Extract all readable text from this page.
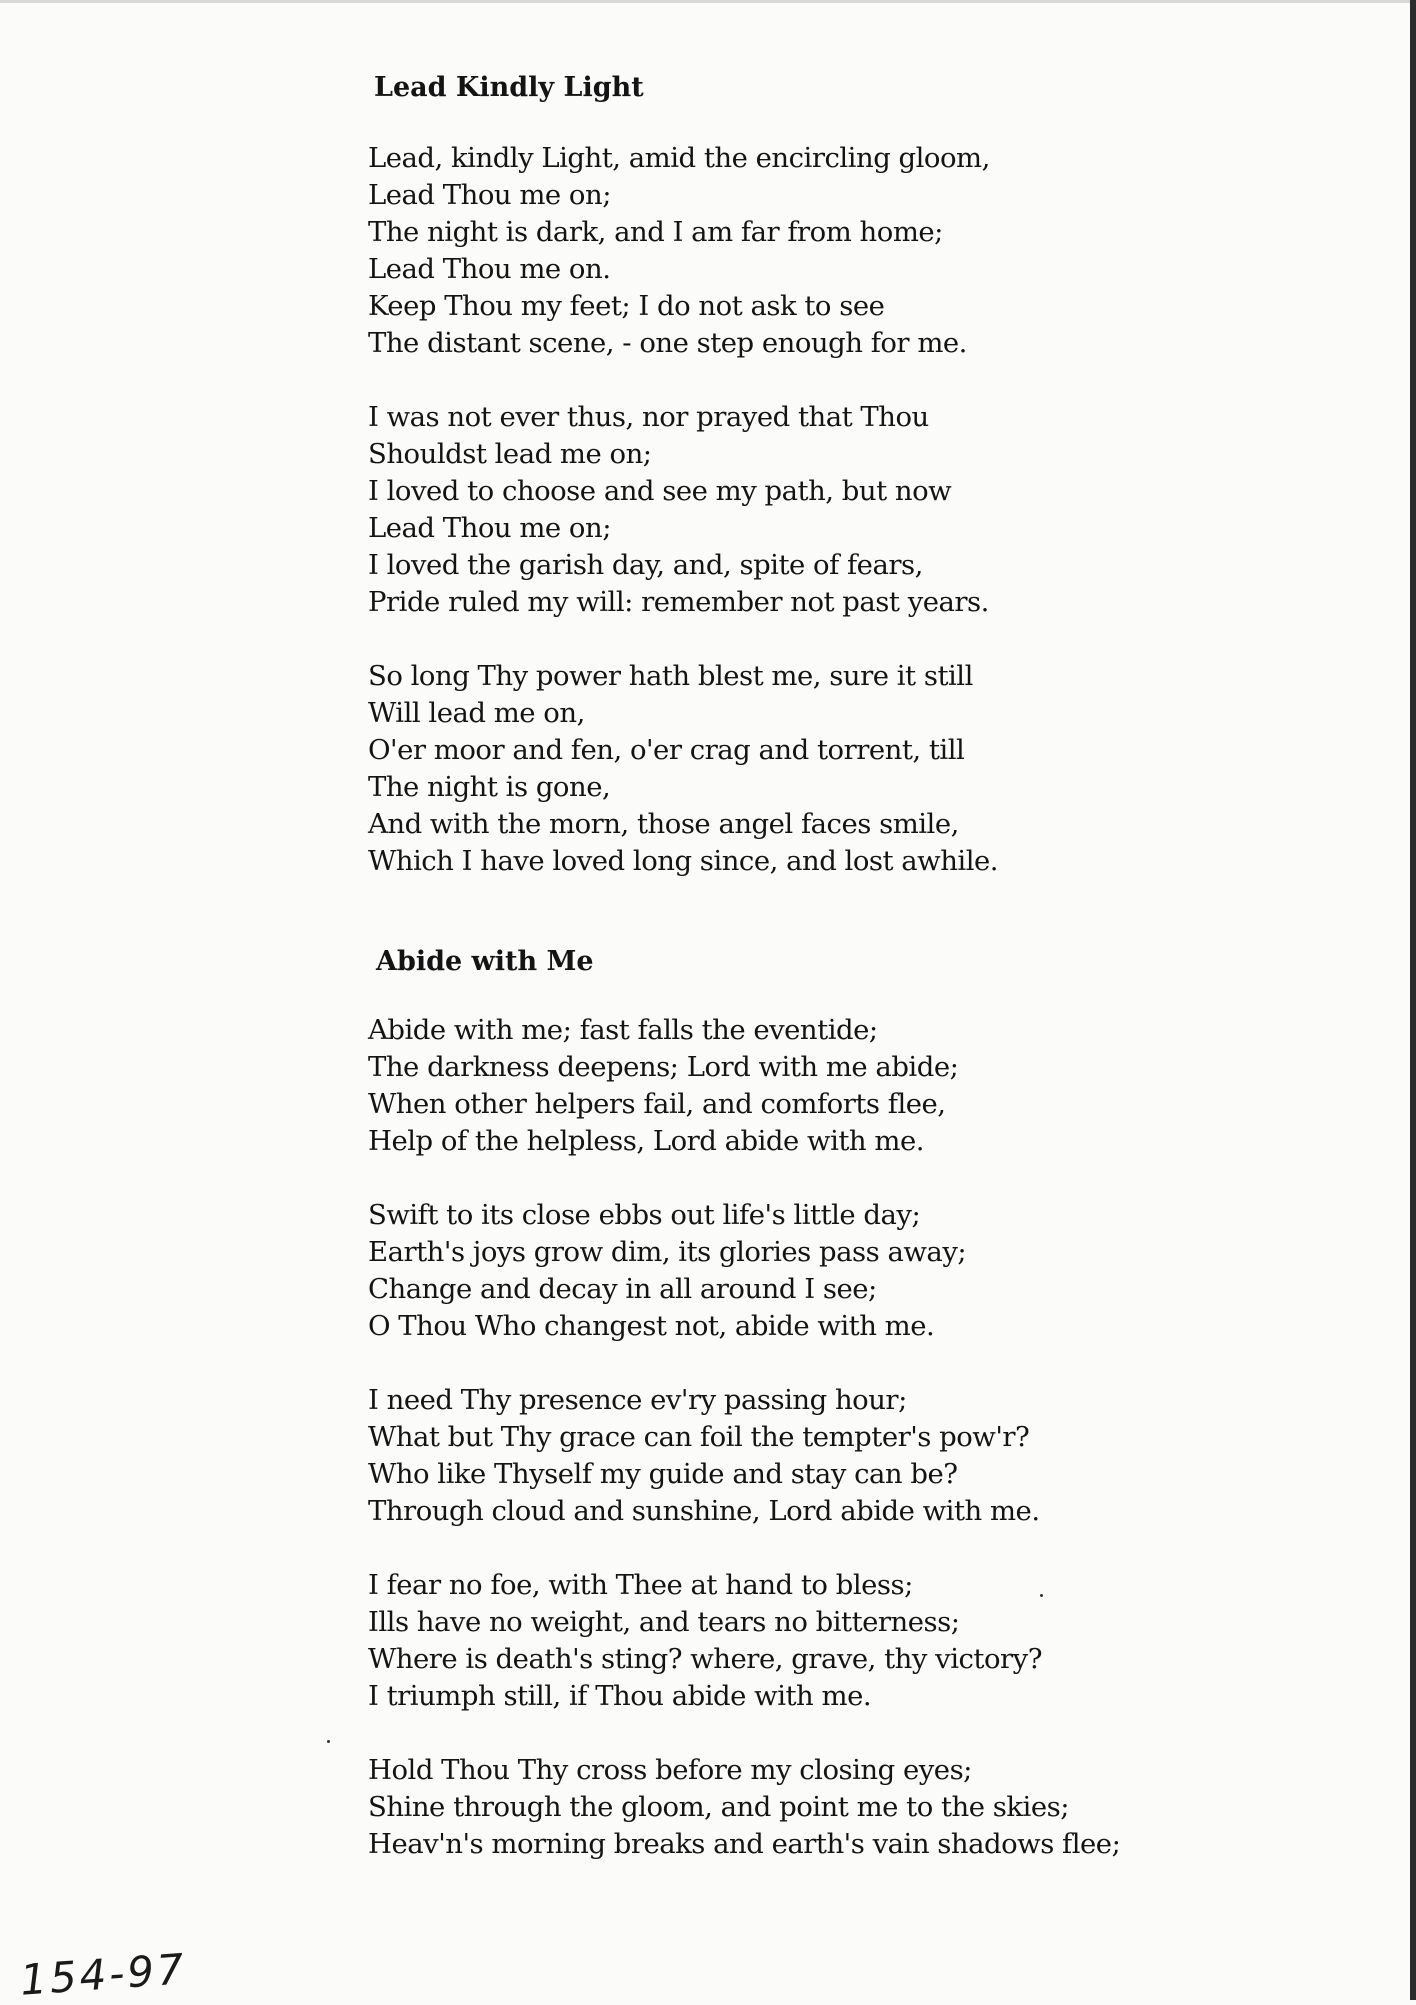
Lead Kindly Light
Lead, kindly Light, amid the encircling gloom,
Lead Thou me on;
The night is dark, and I am far from home;
Lead Thou me on.
Keep Thou my feet; I do not ask to see
The distant scene, - one step enough for me.
I was not ever thus, nor prayed that Thou
Shouldst lead me on;
I loved to choose and see my path, but now
Lead Thou me on;
I loved the garish day, and, spite of fears,
Pride ruled my will: remember not past years.
So long Thy power hath blest me, sure it still
Will lead me on,
O'er moor and fen, o'er crag and torrent, till
The night is gone,
And with the morn, those angel faces smile,
Which I have loved long since, and lost awhile.
Abide with Me
Abide with me; fast falls the eventide;
The darkness deepens; Lord with me abide;
When other helpers fail, and comforts flee,
Help of the helpless, Lord abide with me.
Swift to its close ebbs out life's little day;
Earth's joys grow dim, its glories pass away;
Change and decay in all around I see;
O Thou Who changest not, abide with me.
I need Thy presence ev'ry passing hour;
What but Thy grace can foil the tempter's pow'r?
Who like Thyself my guide and stay can be?
Through cloud and sunshine, Lord abide with me.
I fear no foe, with Thee at hand to bless;
Ills have no weight, and tears no bitterness;
Where is death's sting? where, grave, thy victory?
I triumph still, if Thou abide with me.
Hold Thou Thy cross before my closing eyes;
Shine through the gloom, and point me to the skies;
Heav'n's morning breaks and earth's vain shadows flee;
154-97
